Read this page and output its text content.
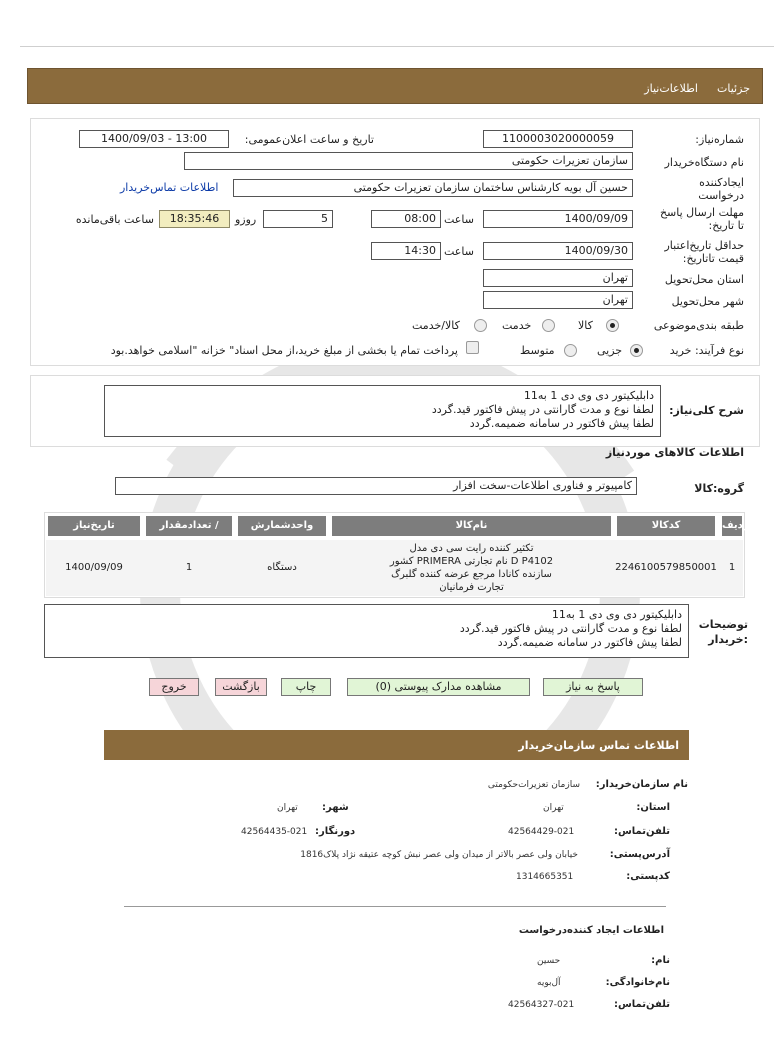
جزئیات
اطلاعات‌نیاز
شماره‌نیاز:
1100003020000059
تاریخ و ساعت اعلان‌عمومی:
1400/09/03 - 13:00
نام دستگاه‌خریدار
سازمان تعزیرات حکومتی
ایجادکننده درخواست
حسین آل بویه کارشناس ساختمان سازمان تعزیرات حکومتی
اطلاعات تماس‌خریدار
مهلت ارسال پاسخ تا تاریخ:
1400/09/09
ساعت
08:00
5
روزو
18:35:46
ساعت باقی‌مانده
حداقل تاریخ‌اعتبار قیمت تا‌تاریخ:
1400/09/30
ساعت
14:30
استان محل‌تحویل
تهران
شهر محل‌تحویل
تهران
طبقه بندی‌موضوعی
کالا
خدمت
کالا/خدمت
نوع فرآیند: خرید
جزیی
متوسط
پرداخت تمام یا بخشی از مبلغ خرید،از محل اسناد" خزانه "اسلامی خواهد.بود
شرح کلی‌نیاز:
دابلیکیتور دی وی دی 1 به11
لطفا نوع و مدت گارانتی در پیش فاکتور قید.گردد
لطفا پیش فاکتور در سامانه ضمیمه.گردد
اطلاعات کالاهای موردنیاز
گروه:کالا
کامپیوتر و فناوری اطلاعات-سخت افزار
ردیف
کدکالا
نام‌کالا
واحدشمارش
تعداد‌مقدار /
تاریخ‌نیاز
1
2246100579850001
تکثیر کننده رایت سی دی مدل
D P4102 نام تجارتی PRIMERA کشور
سازنده کانادا مرجع عرضه کننده گلبرگ
تجارت فرمانیان
دستگاه
1
1400/09/09
توضیحات
:خریدار
دابلیکیتور دی وی دی 1 به11
لطفا نوع و مدت گارانتی در پیش فاکتور قید.گردد
لطفا پیش فاکتور در سامانه ضمیمه.گردد
پاسخ به نیاز
مشاهده مدارک پیوستی (0)
چاپ
بازگشت
خروج
اطلاعات تماس سازمان‌خریدار
نام سازمان‌خریدار:
سازمان تعزیرات‌حکومتی
استان:
تهران
شهر:
تهران
تلفن‌تماس:
42564429-021
دورنگار:
42564435-021
آدرس‌پستی:
خیابان ولی عصر بالاتر از میدان ولی عصر نبش کوچه عتیقه نژاد پلاک1816
کدپستی:
1314665351
اطلاعات ایجاد کننده‌درخواست
نام:
حسین
نام‌خانوادگی:
آل‌بویه
تلفن‌تماس:
42564327-021
